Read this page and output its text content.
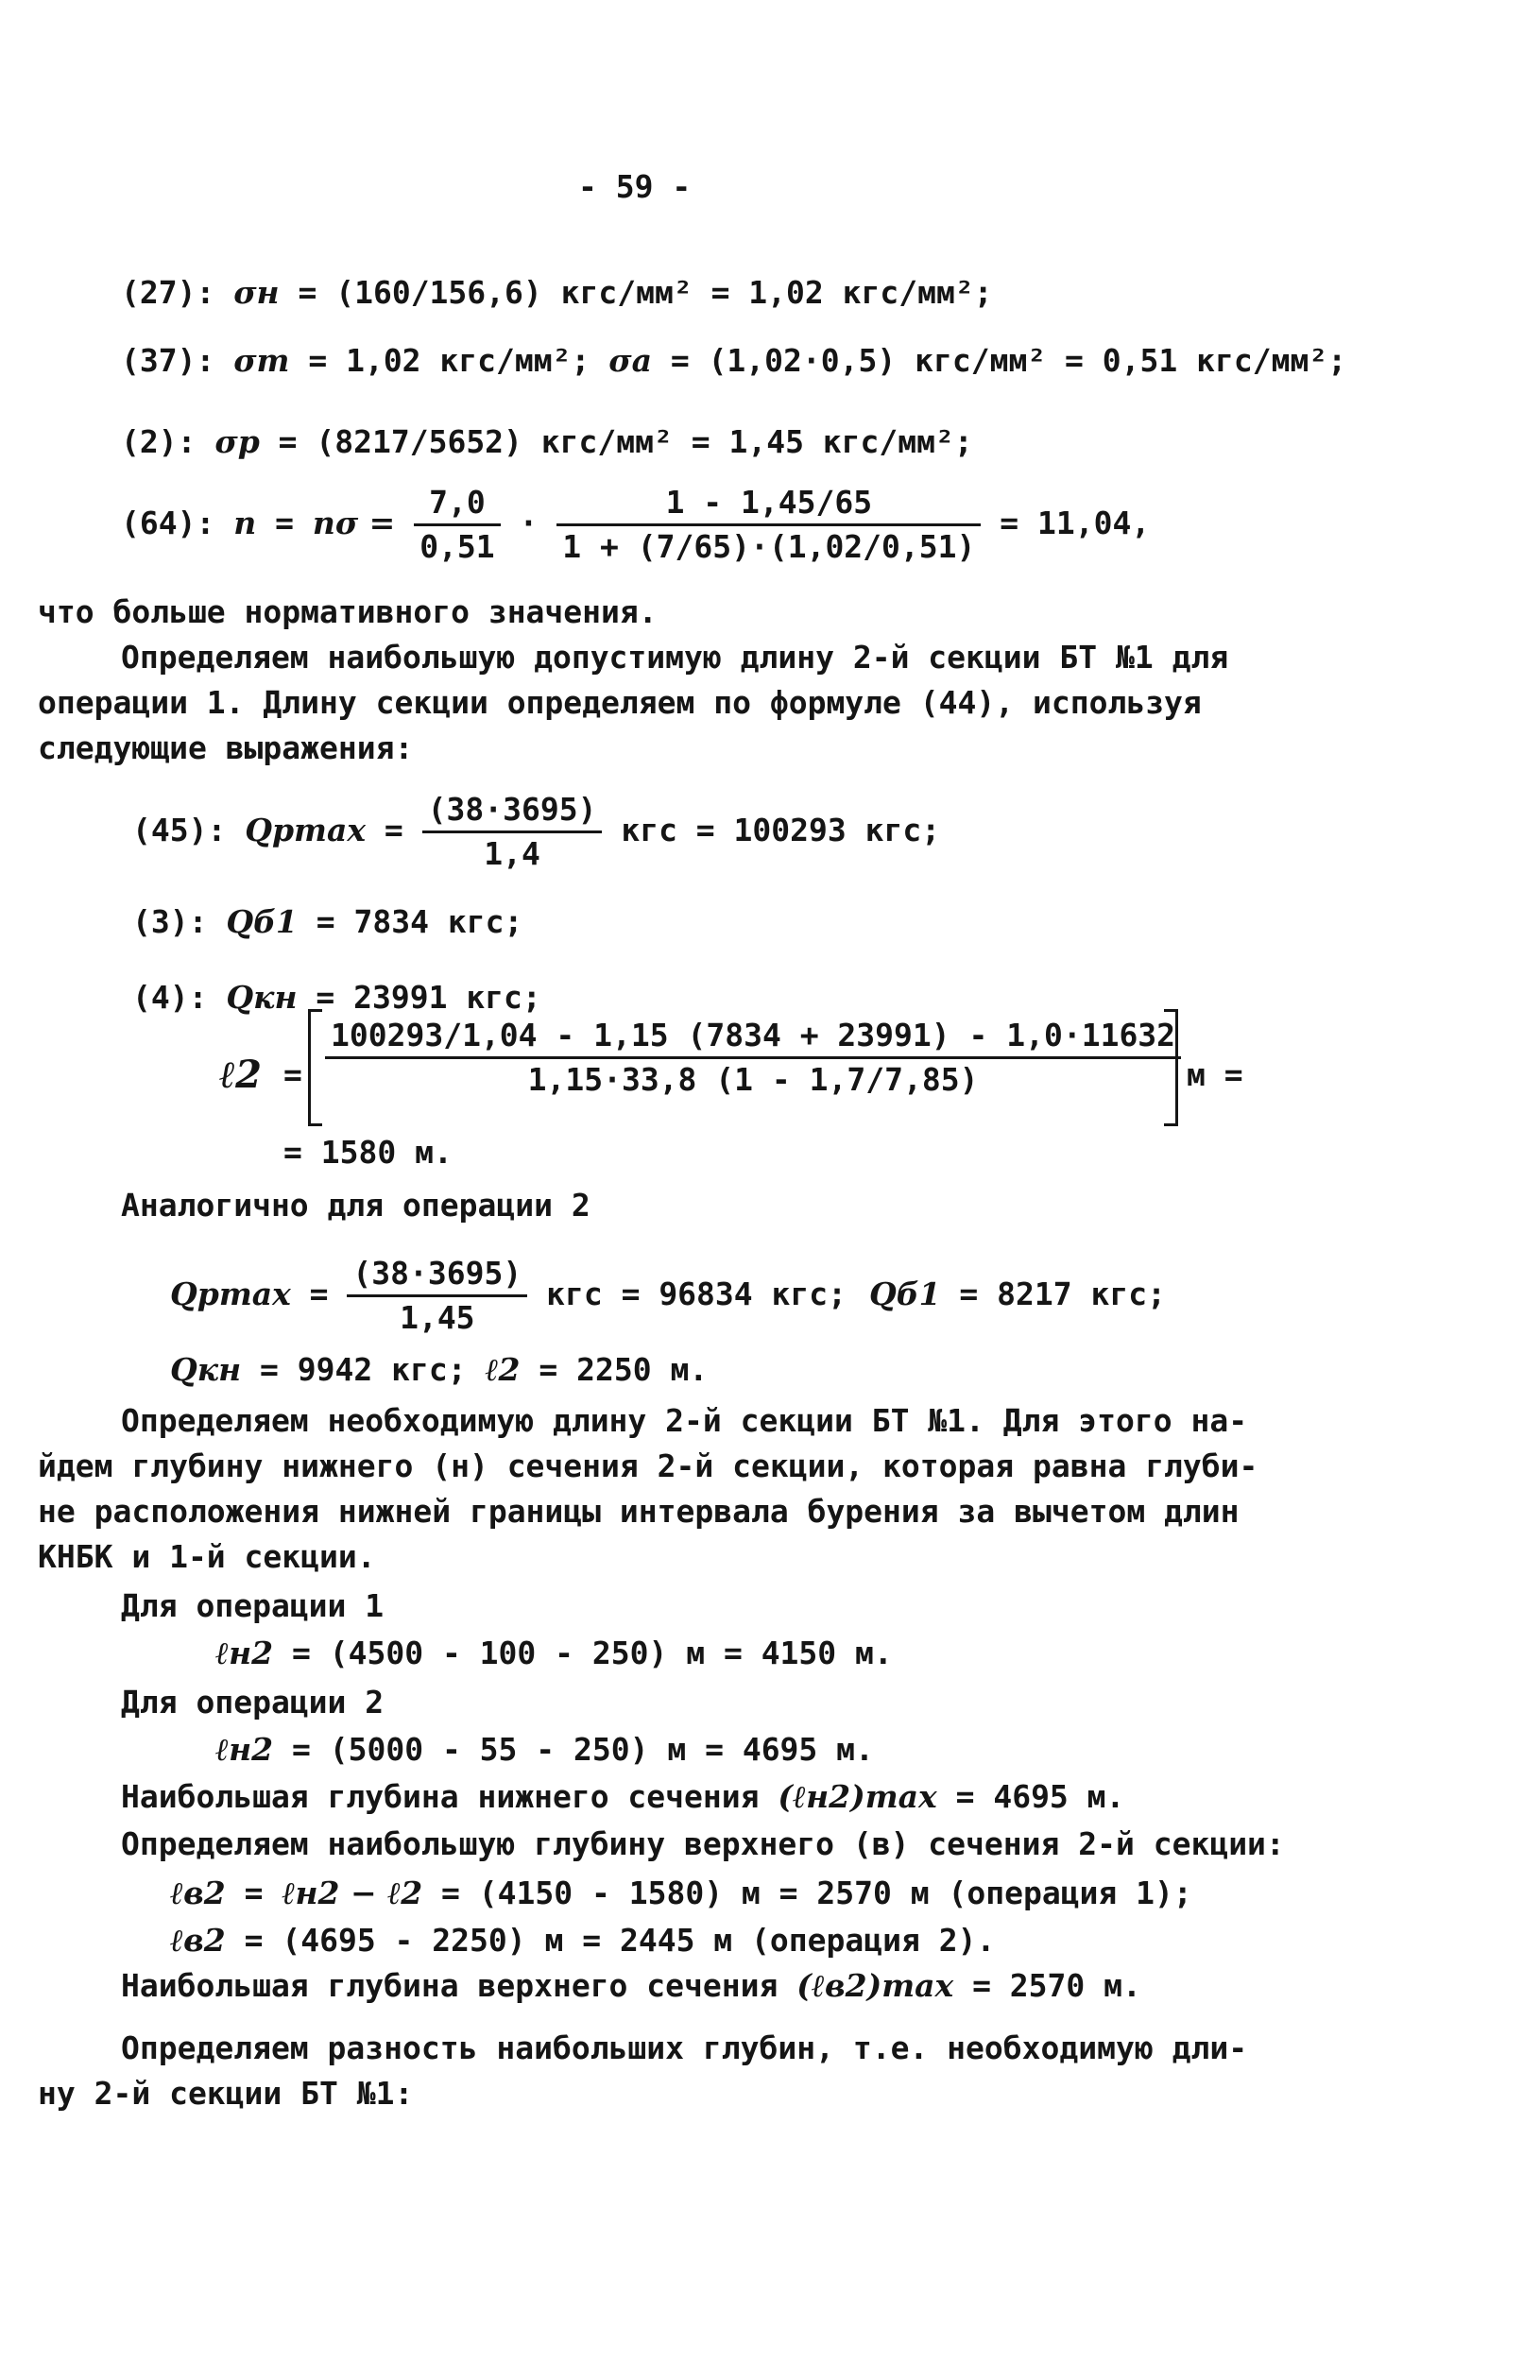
- 59 -
(27): σн = (160/156,6) кгс/мм² = 1,02 кгс/мм²;
(37): σm = 1,02 кгс/мм²; σa = (1,02·0,5) кгс/мм² = 0,51 кгс/мм²;
(2): σр = (8217/5652) кгс/мм² = 1,45 кгс/мм²;
(64): $n = n\sigma = \frac{7,0}{0,51} \cdot \frac{1 - 1,45/65}{1 + (7/65)\cdot(1,02/0,51)} = 11,04$,
что больше нормативного значения.
Определяем наибольшую допустимую длину 2-й секции БТ №1 для
операции 1. Длину секции определяем по формуле (44), используя
следующие выражения:
(45): $Qpmax = \frac{(38\cdot 3695)}{1,4}$ кгс = 100293 кгс;
(3): Qб1 = 7834 кгс;
(4): Qкн = 23991 кгс;
ℓ2 = $\frac{100293/1,04 - 1,15 (7834 + 23991) - 1,0\cdot 11632}{1,15\cdot 33,8 (1 - 1,7/7,85)}$ м =
= 1580 м.
Аналогично для операции 2
$Qpmax = \frac{(38\cdot 3695)}{1,45}$ кгс = 96834 кгс; Qб1 = 8217 кгс;
Qкн = 9942 кгс; ℓ2 = 2250 м.
Определяем необходимую длину 2-й секции БТ №1. Для этого на-
йдем глубину нижнего (н) сечения 2-й секции, которая равна глуби-
не расположения нижней границы интервала бурения за вычетом длин
КНБК и 1-й секции.
Для операции 1
ℓн2 = (4500 - 100 - 250) м = 4150 м.
Для операции 2
ℓн2 = (5000 - 55 - 250) м = 4695 м.
Наибольшая глубина нижнего сечения (ℓн2)max = 4695 м.
Определяем наибольшую глубину верхнего (в) сечения 2-й секции:
ℓв2 = ℓн2 − ℓ2 = (4150 - 1580) м = 2570 м (операция 1);
ℓв2 = (4695 - 2250) м = 2445 м (операция 2).
Наибольшая глубина верхнего сечения (ℓв2)max = 2570 м.
Определяем разность наибольших глубин, т.е. необходимую дли-
ну 2-й секции БТ №1:
